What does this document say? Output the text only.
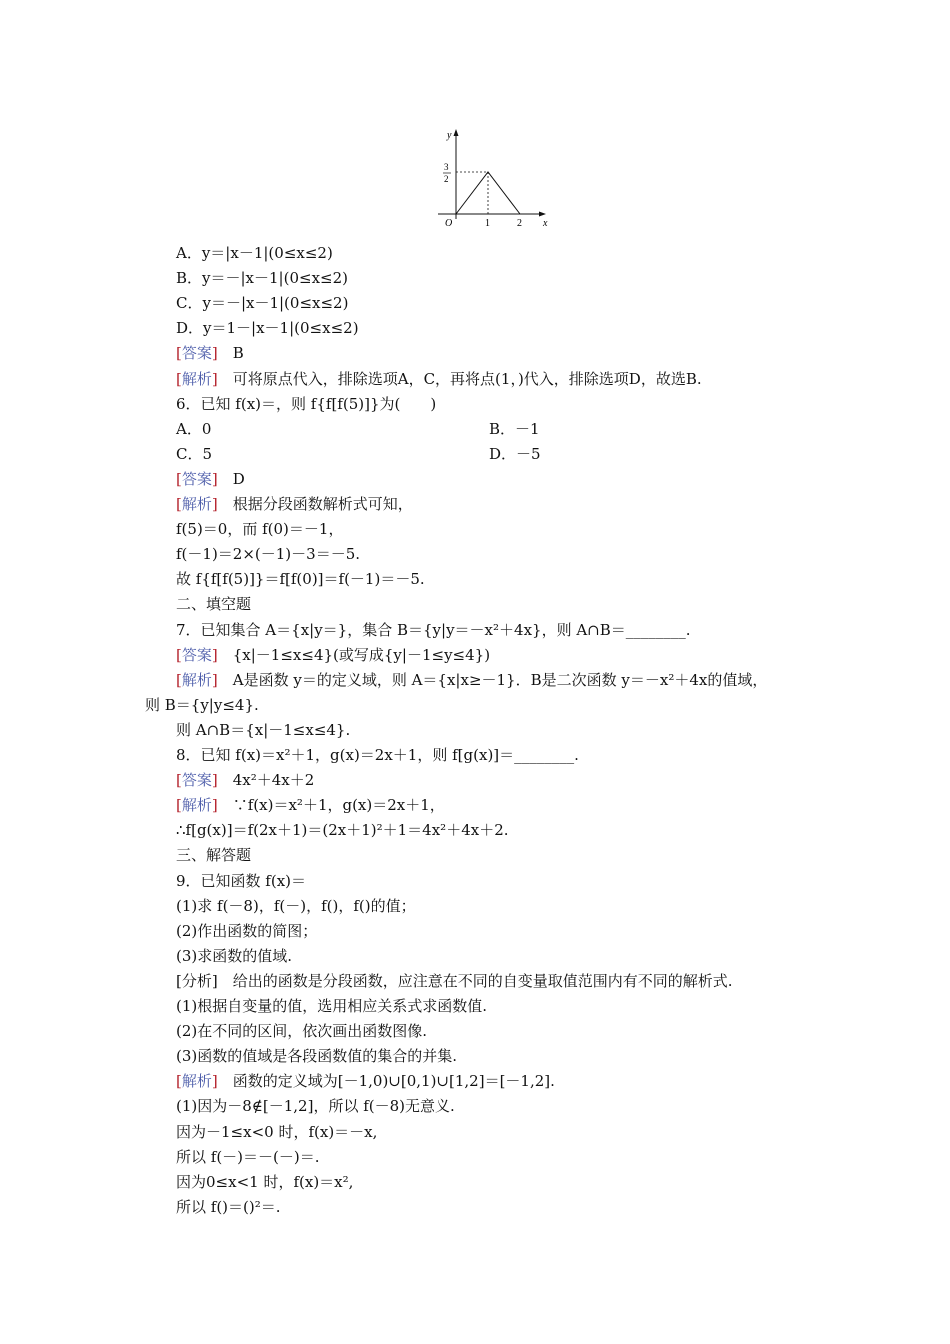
y
x
O
3
2
1	2
A．y＝|x－1|(0≤x≤2)
B．y＝－|x－1|(0≤x≤2)
C．y＝－|x－1|(0≤x≤2)
D．y＝1－|x－1|(0≤x≤2)
[答案]　 B
[解析]　 可将原点代入，排除选项A，C，再将点(1，)代入，排除选项D，故选B.
6．已知 f(x)＝，则 f{f[f(5)]}为(　　)
A．0	B．－1
C．5	D．－5
[答案]　 D
[解析]　 根据分段函数解析式可知，
f(5)＝0，而 f(0)＝－1，
f(－1)＝2×(－1)－3＝－5.
故 f{f[f(5)]}＝f[f(0)]＝f(－1)＝－5.
二、填空题
7．已知集合 A＝{x|y＝}，集合 B＝{y|y＝－x²＋4x}，则 A∩B＝________.
[答案]　 {x|－1≤x≤4}(或写成{y|－1≤y≤4})
[解析]　 A是函数 y＝的定义域，则 A＝{x|x≥－1}．B是二次函数 y＝－x²＋4x的值域，
则 B＝{y|y≤4}.
则 A∩B＝{x|－1≤x≤4}.
8．已知 f(x)＝x²＋1，g(x)＝2x＋1，则 f[g(x)]＝________.
[答案]　 4x²＋4x＋2
[解析]　 ∵f(x)＝x²＋1，g(x)＝2x＋1，
∴f[g(x)]＝f(2x＋1)＝(2x＋1)²＋1＝4x²＋4x＋2.
三、解答题
9．已知函数 f(x)＝
(1)求 f(－8)，f(－)，f()，f()的值；
(2)作出函数的简图；
(3)求函数的值域.
[分析]　给出的函数是分段函数，应注意在不同的自变量取值范围内有不同的解析式.
(1)根据自变量的值，选用相应关系式求函数值.
(2)在不同的区间，依次画出函数图像.
(3)函数的值域是各段函数值的集合的并集.
[解析]　 函数的定义域为[－1,0)∪[0,1)∪[1,2]＝[－1,2].
(1)因为－8∉[－1,2]，所以 f(－8)无意义.
因为－1≤x<0 时，f(x)＝－x,
所以 f(－)＝－(－)＝.
因为0≤x<1 时，f(x)＝x²,
所以 f()＝()²＝.
